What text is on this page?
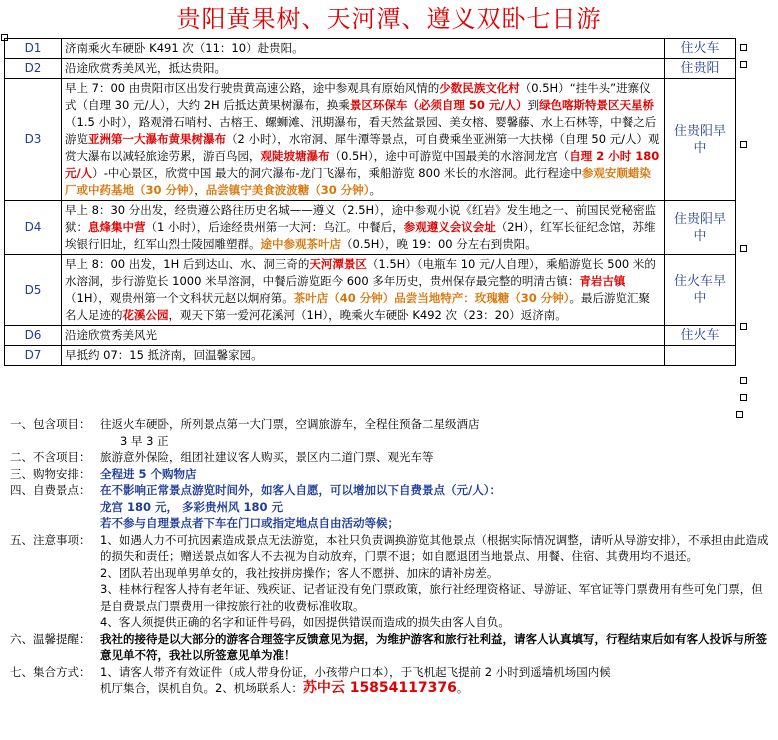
贵阳黄果树、天河潭、遵义双卧七日游
D1	济南乘火车硬卧 K491 次（11：10）赴贵阳。	住火车
D2	沿途欣赏秀美风光，抵达贵阳。	住贵阳
D3	早上 7：00 由贵阳市区出发行驶贵黄高速公路，途中参观具有原始风情的少数民族文化村（0.5H）“挂牛头”进寨仪式（自理 30 元/人），大约 2H 后抵达黄果树瀑布，换乘景区环保车（必须自理 50 元/人）到绿色喀斯特景区天星桥（1.5 小时），路观滑石哨村、古榕王、螺蛳滩、汛期瀑布，看天然盆景园、美女榕、婴馨藤、水上石林等，中餐之后游览亚洲第一大瀑布黄果树瀑布（2 小时），水帘洞、犀牛潭等景点，可自费乘坐亚洲第一大扶梯（自理 50 元/人）观赏大瀑布以减轻旅途劳累，游百鸟园，观陡坡塘瀑布（0.5H），途中可游览中国最美的水溶洞龙宫（自理 2 小时 180 元/人）-中心景区，欣赏中国 最大的洞穴瀑布-龙门飞瀑布，乘船游览 800 米长的水溶洞。此行程途中参观安顺蜡染厂或中药基地（30 分钟），品尝镇宁美食波波糖（30 分钟）。	住贵阳早中
D4	早上 8：30 分出发，经贵遵公路往历史名城——遵义（2.5H），途中参观小说《红岩》发生地之一、前国民党秘密监狱：息烽集中营（1 小时），后途经贵州第一大河：乌江。中餐后，参观遵义会议会址（2H），红军长征纪念馆，苏维埃银行旧址，红军山烈士陵园雕塑群。途中参观茶叶店（0.5H），晚 19：00 分左右到贵阳。	住贵阳早中
D5	早上 8：00 出发，1H 后到达山、水、洞三奇的天河潭景区（1.5H）（电瓶车 10 元/人自理），乘船游览长 500 米的水溶洞，步行游览长 1000 米旱溶洞，中餐后游览距今 600 多年历史，贵州保存最完整的明清古镇：青岩古镇（1H），观贵州第一个文科状元赵以炯府第。茶叶店（40 分钟）品尝当地特产：玫瑰糖（30 分钟）。最后游览汇聚名人足迹的花溪公园，观天下第一爱河花溪河（1H），晚乘火车硬卧 K492 次（23：20）返济南。	住火车早中
D6	沿途欣赏秀美风光	住火车
D7	早抵约 07：15 抵济南，回温馨家园。	
一、包含项目： 往返火车硬卧，所列景点第一大门票，空调旅游车，全程住预备二星级酒店
3 早 3 正
二、不含项目： 旅游意外保险，组团社建议客人购买，景区内二道门票、观光车等
三、购物安排： 全程进 5 个购物店
四、自费景点： 在不影响正常景点游览时间外，如客人自愿，可以增加以下自费景点（元/人）：
龙宫 180 元， 多彩贵州风 180 元
若不参与自理景点者下车在门口或指定地点自由活动等候；
五、注意事项： 1、如遇人力不可抗因素造成景点无法游览，本社只负责调换游览其他景点（根据实际情况调整，请听从导游安排），不承担由此造成的损失和责任；赠送景点如客人不去视为自动放弃，门票不退；如自愿退团当地景点、用餐、住宿、其费用均不退还。
2、团队若出现单男单女的，我社按拼房操作；客人不愿拼、加床的请补房差。
3、桂林行程客人持有老年证、残疾证、记者证没有免门票政策，旅行社经理资格证、导游证、军官证等门票费用有些可免门票，但是自费景点门票费用一律按旅行社的收费标准收取。
4、客人须提供正确的名字和证件号码，如因提供错误而造成的损失由客人自负。
六、温馨提醒： 我社的接待是以大部分的游客合理签字反馈意见为据，为维护游客和旅行社利益，请客人认真填写，行程结束后如有客人投诉与所签意见单不符，我社以所签意见单为准！
七、集合方式： 1、请客人带齐有效证件（成人带身份证，小孩带户口本），于飞机起飞提前 2 小时到遥墙机场国内候
机厅集合，误机自负。2、机场联系人：苏中云 15854117376。
